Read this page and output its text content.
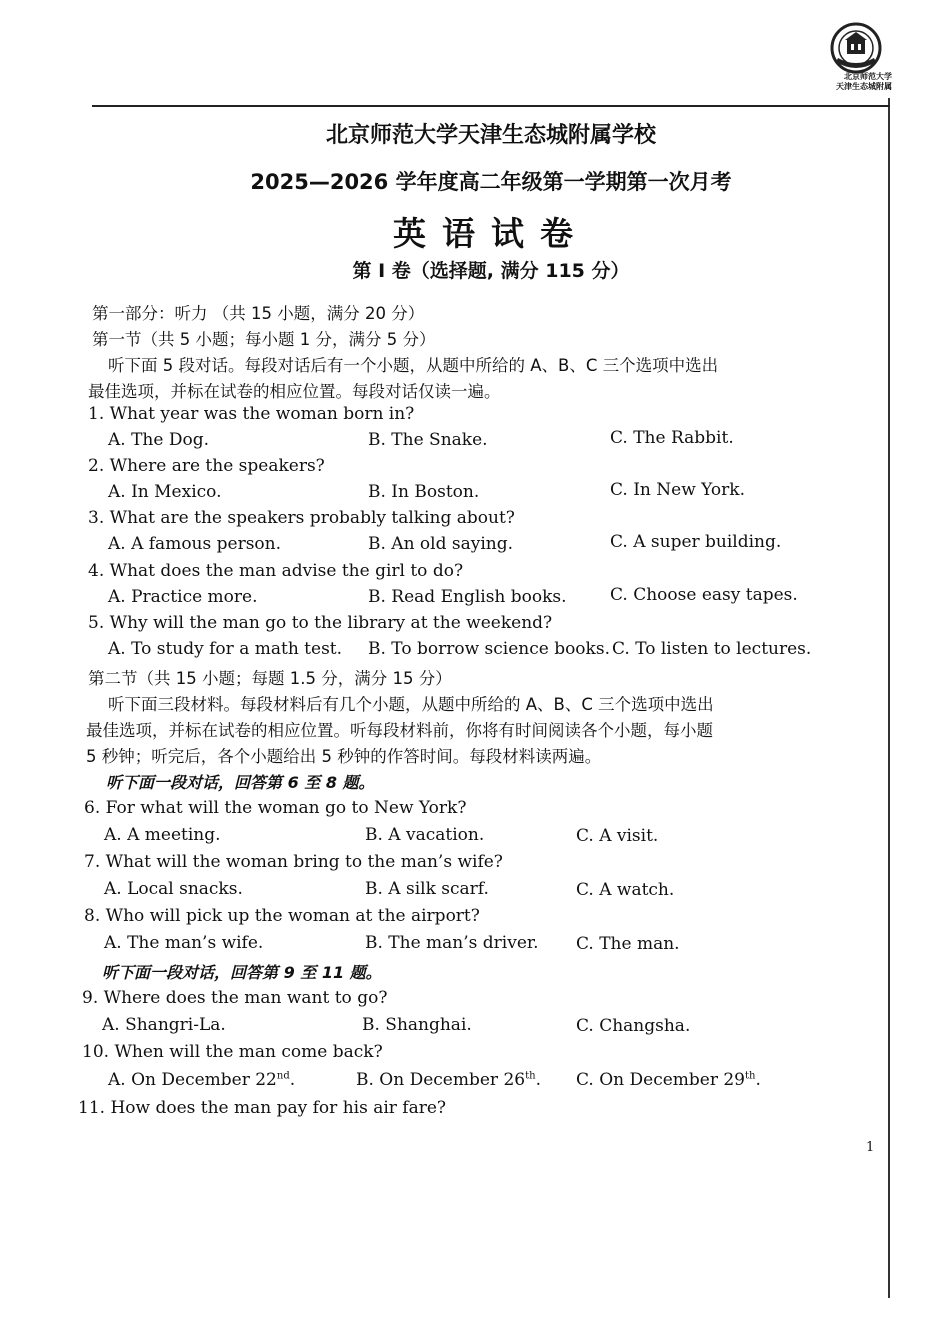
北京师范大学
天津生态城附属
北京师范大学天津生态城附属学校
2025—2026 学年度高二年级第一学期第一次月考
英语试卷
第 I 卷（选择题, 满分 115 分）
第一部分：听力 （共 15 小题，满分 20 分）
第一节（共 5 小题；每小题 1 分，满分 5 分）
听下面 5 段对话。每段对话后有一个小题，从题中所给的 A、B、C 三个选项中选出
最佳选项，并标在试卷的相应位置。每段对话仅读一遍。
1. What year was the woman born in?
A. The Dog.	B. The Snake.	C. The Rabbit.
2. Where are the speakers?
A. In Mexico.	B. In Boston.	C. In New York.
3. What are the speakers probably talking about?
A. A famous person.	B. An old saying.	C. A super building.
4. What does the man advise the girl to do?
A. Practice more.	B. Read English books.	C. Choose easy tapes.
5. Why will the man go to the library at the weekend?
A. To study for a math test. B. To borrow science books. C. To listen to lectures.
第二节（共 15 小题；每题 1.5 分，满分 15 分）
听下面三段材料。每段材料后有几个小题，从题中所给的 A、B、C 三个选项中选出
最佳选项，并标在试卷的相应位置。听每段材料前，你将有时间阅读各个小题，每小题
5 秒钟；听完后，各个小题给出 5 秒钟的作答时间。每段材料读两遍。
听下面一段对话，回答第 6 至 8 题。
6. For what will the woman go to New York?
A. A meeting.	B. A vacation.	C. A visit.
7. What will the woman bring to the man’s wife?
A. Local snacks.	B. A silk scarf.	C. A watch.
8. Who will pick up the woman at the airport?
A. The man’s wife.	B. The man’s driver. C. The man.
听下面一段对话，回答第 9 至 11 题。
9. Where does the man want to go?
A. Shangri-La.	B. Shanghai.	C. Changsha.
10. When will the man come back?
A. On December 22nd.	B. On December 26th. C. On December 29th.
11. How does the man pay for his air fare?
1
